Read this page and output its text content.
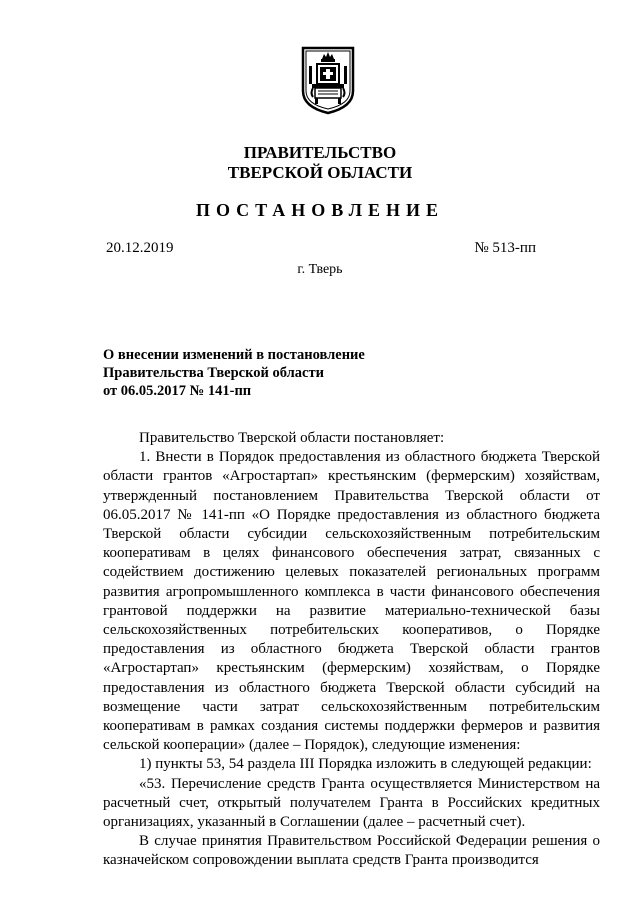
ПРАВИТЕЛЬСТВО
ТВЕРСКОЙ ОБЛАСТИ
ПОСТАНОВЛЕНИЕ
20.12.2019	№ 513-пп
г. Тверь
О внесении изменений в постановление
Правительства Тверской области
от 06.05.2017 № 141-пп

Правительство Тверской области постановляет:

1. Внести в Порядок предоставления из областного бюджета Тверской области грантов «Агростартап» крестьянским (фермерским) хозяйствам, утвержденный постановлением Правительства Тверской области от 06.05.2017 № 141-пп «О Порядке предоставления из областного бюджета Тверской области субсидии сельскохозяйственным потребительским кооперативам в целях финансового обеспечения затрат, связанных с содействием достижению целевых показателей региональных программ развития агропромышленного комплекса в части финансового обеспечения грантовой поддержки на развитие материально-технической базы сельскохозяйственных потребительских кооперативов, о Порядке предоставления из областного бюджета Тверской области грантов «Агростартап» крестьянским (фермерским) хозяйствам, о Порядке предоставления из областного бюджета Тверской области субсидий на возмещение части затрат сельскохозяйственным потребительским кооперативам в рамках создания системы поддержки фермеров и развития сельской кооперации» (далее – Порядок), следующие изменения:

1) пункты 53, 54 раздела III Порядка изложить в следующей редакции:

«53. Перечисление средств Гранта осуществляется Министерством на расчетный счет, открытый получателем Гранта в Российских кредитных организациях, указанный в Соглашении (далее – расчетный счет).

В случае принятия Правительством Российской Федерации решения о казначейском сопровождении выплата средств Гранта производится
